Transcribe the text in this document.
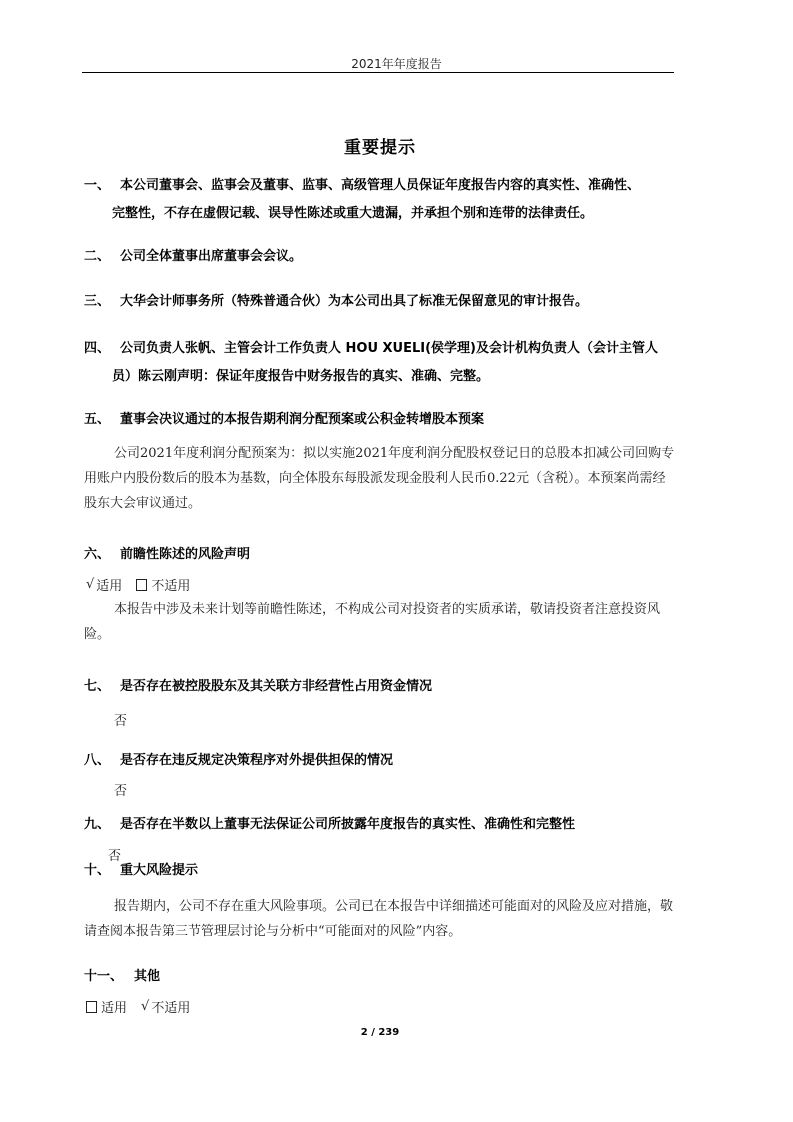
2021年年度报告
重要提示
一、 本公司董事会、监事会及董事、监事、高级管理人员保证年度报告内容的真实性、准确性、
完整性，不存在虚假记载、误导性陈述或重大遗漏，并承担个别和连带的法律责任。
二、 公司全体董事出席董事会会议。
三、 大华会计师事务所（特殊普通合伙）为本公司出具了标准无保留意见的审计报告。
四、 公司负责人张帆、主管会计工作负责人 HOU XUELI(侯学理)及会计机构负责人（会计主管人
员）陈云刚声明：保证年度报告中财务报告的真实、准确、完整。
五、 董事会决议通过的本报告期利润分配预案或公积金转增股本预案
公司2021年度利润分配预案为：拟以实施2021年度利润分配股权登记日的总股本扣减公司回购专用账户内股份数后的股本为基数，向全体股东每股派发现金股利人民币0.22元（含税）。本预案尚需经股东大会审议通过。
六、 前瞻性陈述的风险声明
√ 适用 不适用
本报告中涉及未来计划等前瞻性陈述，不构成公司对投资者的实质承诺，敬请投资者注意投资风险。
七、 是否存在被控股股东及其关联方非经营性占用资金情况
否
八、 是否存在违反规定决策程序对外提供担保的情况
否
九、 是否存在半数以上董事无法保证公司所披露年度报告的真实性、准确性和完整性
否
十、 重大风险提示
报告期内，公司不存在重大风险事项。公司已在本报告中详细描述可能面对的风险及应对措施，敬请查阅本报告第三节管理层讨论与分析中“可能面对的风险”内容。
十一、 其他
适用 √ 不适用
2 / 239
